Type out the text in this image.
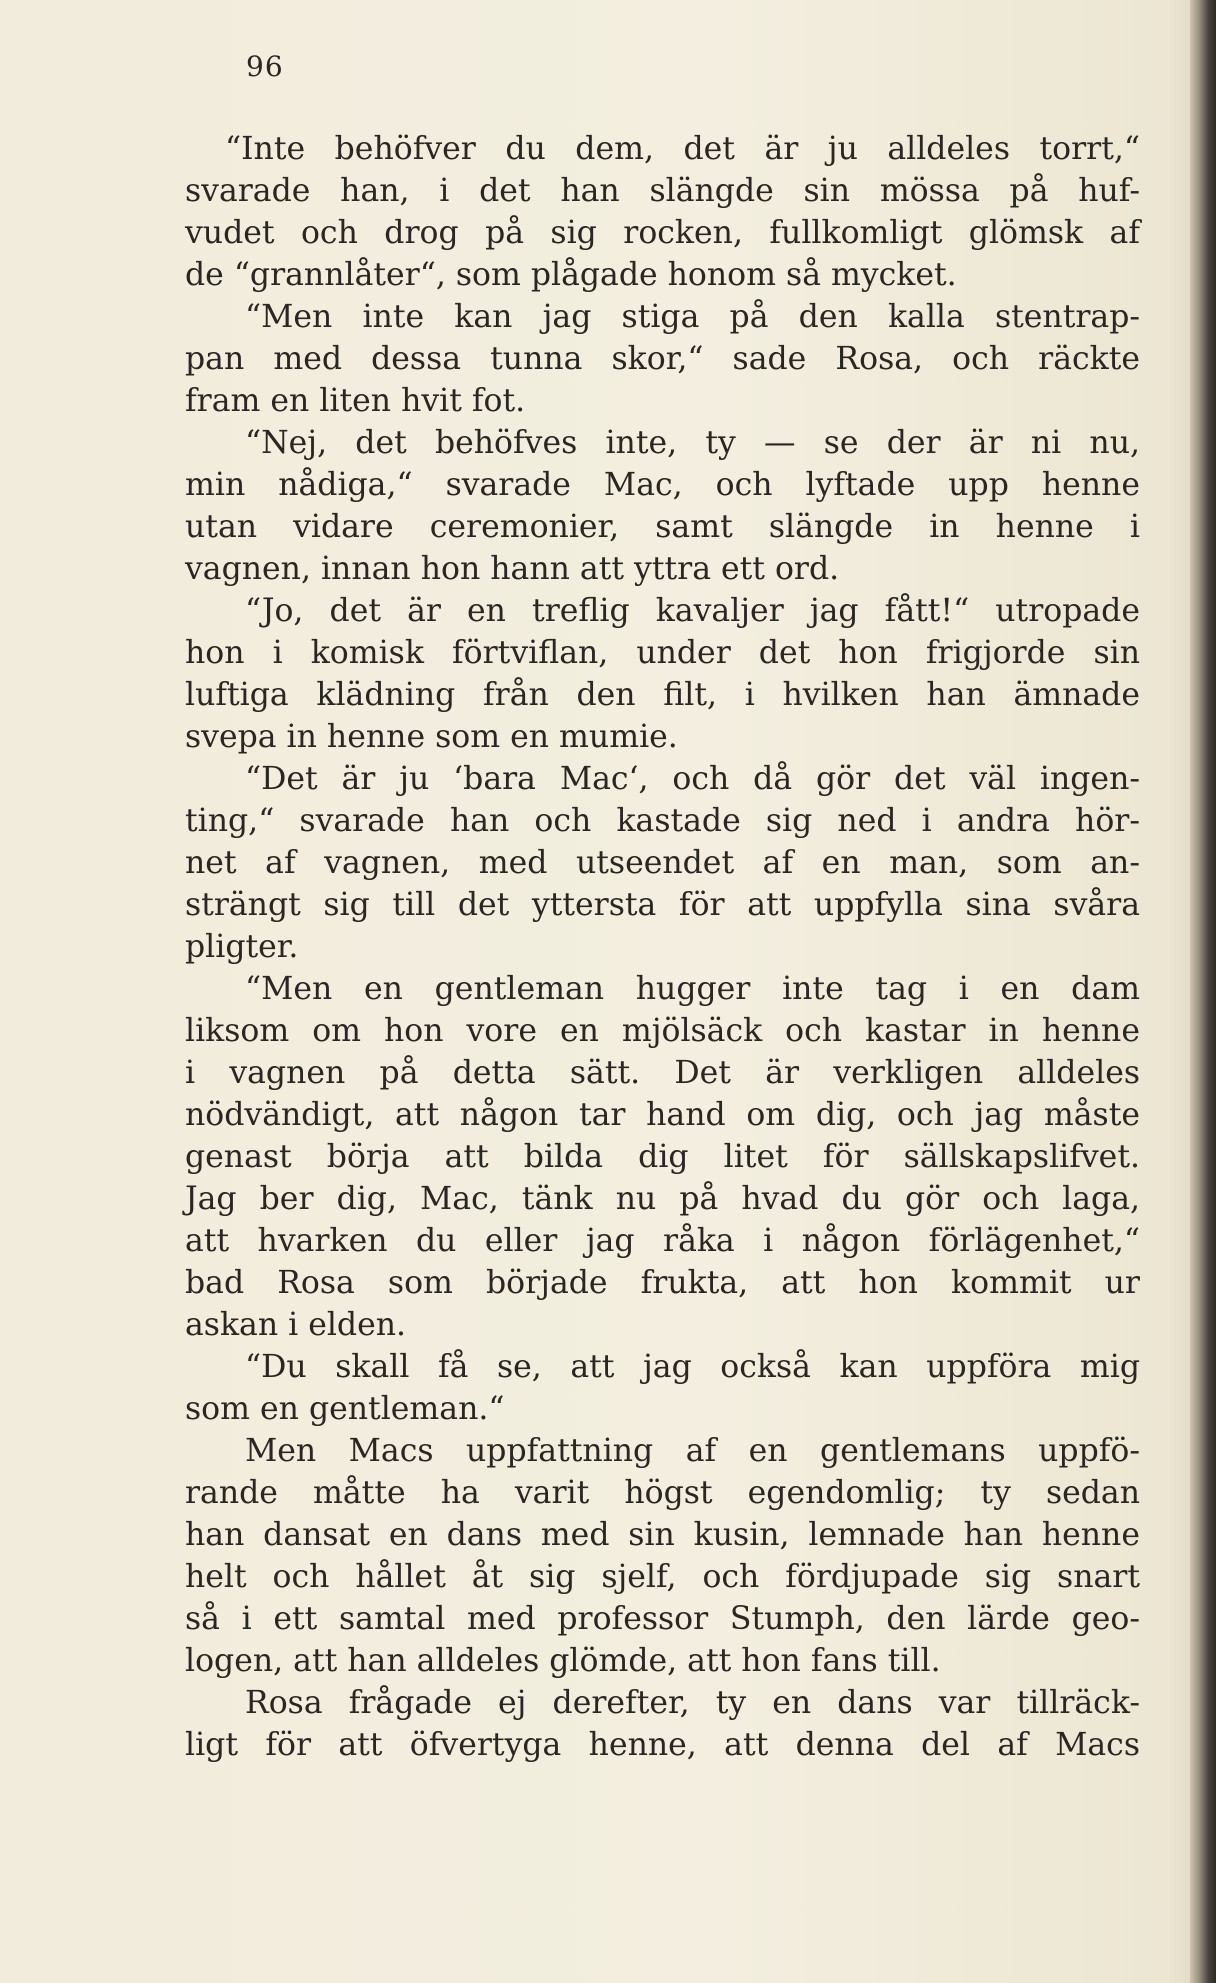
96
“Inte behöfver du dem, det är ju alldeles torrt,“
svarade han, i det han slängde sin mössa på huf-
vudet och drog på sig rocken, fullkomligt glömsk af
de “grannlåter“, som plågade honom så mycket.
“Men inte kan jag stiga på den kalla stentrap-
pan med dessa tunna skor,“ sade Rosa, och räckte
fram en liten hvit fot.
“Nej, det behöfves inte, ty — se der är ni nu,
min nådiga,“ svarade Mac, och lyftade upp henne
utan vidare ceremonier, samt slängde in henne i
vagnen, innan hon hann att yttra ett ord.
“Jo, det är en treflig kavaljer jag fått!“ utropade
hon i komisk förtviflan, under det hon frigjorde sin
luftiga klädning från den filt, i hvilken han ämnade
svepa in henne som en mumie.
“Det är ju ‘bara Mac‘, och då gör det väl ingen-
ting,“ svarade han och kastade sig ned i andra hör-
net af vagnen, med utseendet af en man, som an-
strängt sig till det yttersta för att uppfylla sina svåra
pligter.
“Men en gentleman hugger inte tag i en dam
liksom om hon vore en mjölsäck och kastar in henne
i vagnen på detta sätt. Det är verkligen alldeles
nödvändigt, att någon tar hand om dig, och jag måste
genast börja att bilda dig litet för sällskapslifvet.
Jag ber dig, Mac, tänk nu på hvad du gör och laga,
att hvarken du eller jag råka i någon förlägenhet,“
bad Rosa som började frukta, att hon kommit ur
askan i elden.
“Du skall få se, att jag också kan uppföra mig
som en gentleman.“
Men Macs uppfattning af en gentlemans uppfö-
rande måtte ha varit högst egendomlig; ty sedan
han dansat en dans med sin kusin, lemnade han henne
helt och hållet åt sig sjelf, och fördjupade sig snart
så i ett samtal med professor Stumph, den lärde geo-
logen, att han alldeles glömde, att hon fans till.
Rosa frågade ej derefter, ty en dans var tillräck-
ligt för att öfvertyga henne, att denna del af Macs
